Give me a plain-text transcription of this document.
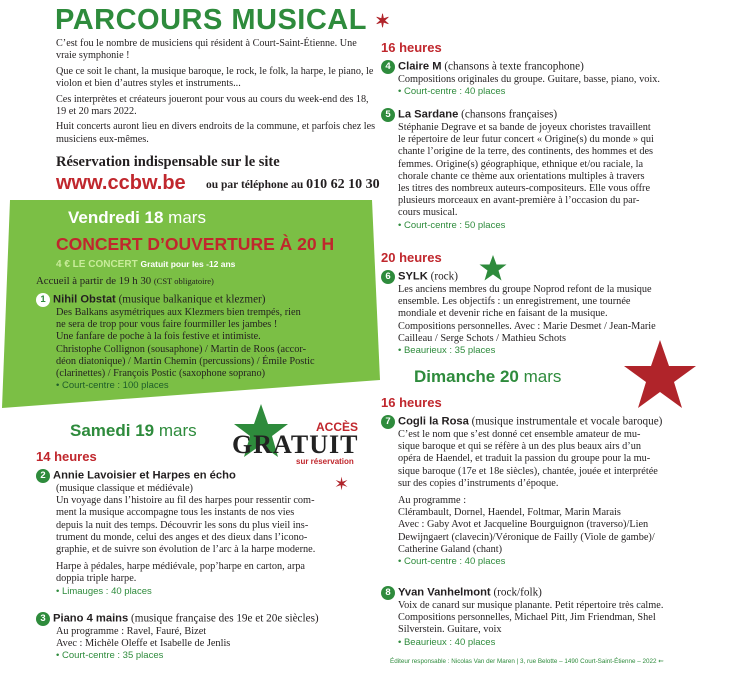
PARCOURS MUSICAL ✶

C’est fou le nombre de musiciens qui résident à Court-Saint-Étienne. Une vraie symphonie !

Que ce soit le chant, la musique baroque, le rock, le folk, la harpe, le piano, le violon et bien d’autres styles et instruments...

Ces interprètes et créateurs joueront pour vous au cours du week-end des 18, 19 et 20 mars 2022.

Huit concerts auront lieu en divers endroits de la commune, et parfois chez les musiciens eux-mêmes.

Réservation indispensable sur le site
www.ccbw.be ou par téléphone au 010 62 10 30
Vendredi 18 mars
CONCERT D’OUVERTURE À 20 H
4 € LE CONCERT Gratuit pour les -12 ans
Accueil à partir de 19 h 30 (CST obligatoire)
1 Nihil Obstat (musique balkanique et klezmer)
Des Balkans asymétriques aux Klezmers bien trempés, rien
ne sera de trop pour vous faire fourmiller les jambes !
Une fanfare de poche à la fois festive et intimiste.
Christophe Collignon (sousaphone) / Martin de Roos (accor-
déon diatonique) / Martin Chemin (percussions) / Émile Postic
(clarinettes) / François Postic (saxophone soprano)
• Court-centre : 100 places
Samedi 19 mars	ACCÈS
GRATUIT
sur réservation
✶
14 heures
2 Annie Lavoisier et Harpes en écho
(musique classique et médiévale)
Un voyage dans l’histoire au fil des harpes pour ressentir com-
ment la musique accompagne tous les instants de nos vies
depuis la nuit des temps. Découvrir les sons du plus vieil ins-
trument du monde, celui des anges et des dieux dans l’icono-
graphie, et de suivre son évolution de l’arc à la harpe moderne.
Harpe à pédales, harpe médiévale, pop’harpe en carton, arpa
doppia triple harpe.
• Limauges : 40 places
3 Piano 4 mains (musique française des 19e et 20e siècles)
Au programme : Ravel, Fauré, Bizet
Avec : Michèle Oleffe et Isabelle de Jenlis
• Court-centre : 35 places
16 heures
4 Claire M (chansons à texte francophone)
Compositions originales du groupe. Guitare, basse, piano, voix.
• Court-centre : 40 places
5 La Sardane (chansons françaises)
Stéphanie Degrave et sa bande de joyeux choristes travaillent
le répertoire de leur futur concert « Origine(s) du monde » qui
chante l’origine de la terre, des continents, des hommes et des
femmes. Origine(s) géographique, ethnique et/ou raciale, la
chorale chante ce thème aux orientations multiples à travers
les titres des nombreux auteurs-compositeurs. Elle vous offre
plusieurs morceaux en avant-première à l’occasion du par-
cours musical.
• Court-centre : 50 places
20 heures
6 SYLK (rock)
Les anciens membres du groupe Noprod refont de la musique
ensemble. Les objectifs : un enregistrement, une tournée
mondiale et devenir riche en faisant de la musique.
Compositions personnelles. Avec : Marie Desmet / Jean-Marie
Cailleau / Serge Schots / Mathieu Schots
• Beaurieux : 35 places
Dimanche 20 mars
16 heures
7 Cogli la Rosa (musique instrumentale et vocale baroque)
C’est le nom que s’est donné cet ensemble amateur de mu-
sique baroque et qui se réfère à un des plus beaux airs d’un
opéra de Haendel, et traduit la passion du groupe pour la mu-
sique baroque (17e et 18e siècles), chantée, jouée et interprétée
sur des copies d’instruments d’époque.
Au programme :
Clérambault, Dornel, Haendel, Foltmar, Marin Marais
Avec : Gaby Avot et Jacqueline Bourguignon (traverso)/Lien
Dewijngaert (clavecin)/Véronique de Failly (Viole de gambe)/
Catherine Galand (chant)
• Court-centre : 40 places
8 Yvan Vanhelmont (rock/folk)
Voix de canard sur musique planante. Petit répertoire très calme.
Compositions personnelles, Michael Pitt, Jim Friendman, Shel
Silverstein. Guitare, voix
• Beaurieux : 40 places
Éditeur responsable : Nicolas Van der Maren | 3, rue Belotte – 1490 Court-Saint-Étienne – 2022 ⇜
